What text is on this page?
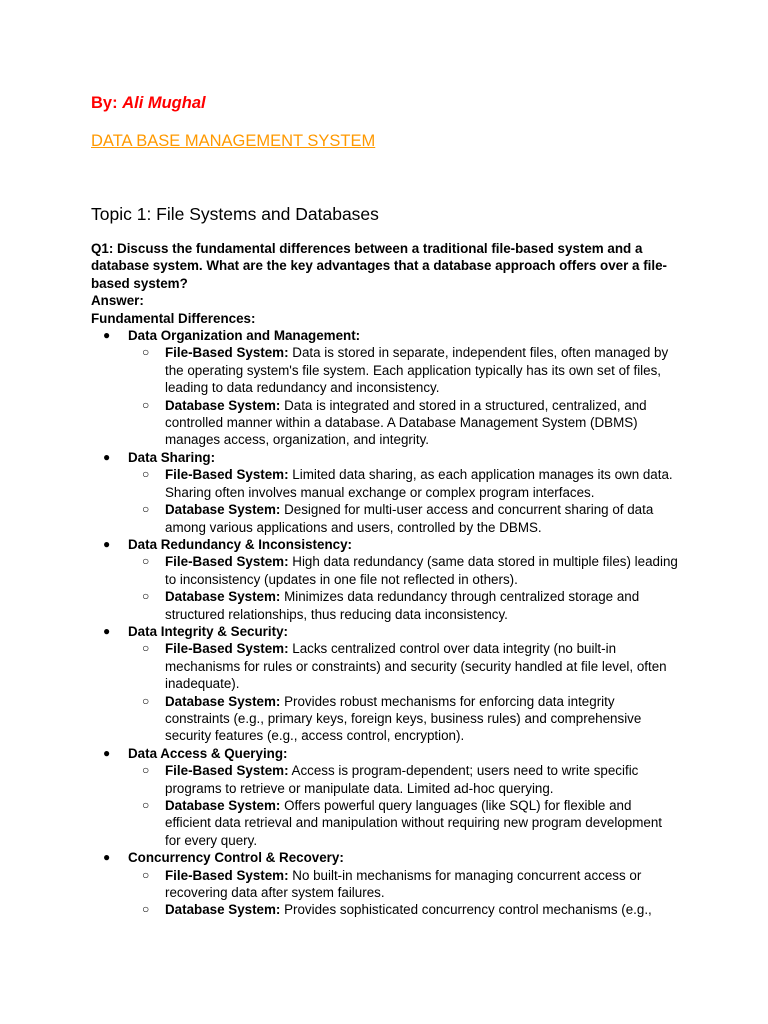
By: Ali Mughal

DATA BASE MANAGEMENT SYSTEM

Topic 1: File Systems and Databases

Q1: Discuss the fundamental differences between a traditional file-based system and a database system. What are the key advantages that a database approach offers over a file-based system?

Answer:

Fundamental Differences:

● Data Organization and Management:
○ File-Based System: Data is stored in separate, independent files, often managed by the operating system's file system. Each application typically has its own set of files, leading to data redundancy and inconsistency.
○ Database System: Data is integrated and stored in a structured, centralized, and controlled manner within a database. A Database Management System (DBMS) manages access, organization, and integrity.
● Data Sharing:
○ File-Based System: Limited data sharing, as each application manages its own data. Sharing often involves manual exchange or complex program interfaces.
○ Database System: Designed for multi-user access and concurrent sharing of data among various applications and users, controlled by the DBMS.
● Data Redundancy & Inconsistency:
○ File-Based System: High data redundancy (same data stored in multiple files) leading to inconsistency (updates in one file not reflected in others).
○ Database System: Minimizes data redundancy through centralized storage and structured relationships, thus reducing data inconsistency.
● Data Integrity & Security:
○ File-Based System: Lacks centralized control over data integrity (no built-in mechanisms for rules or constraints) and security (security handled at file level, often inadequate).
○ Database System: Provides robust mechanisms for enforcing data integrity constraints (e.g., primary keys, foreign keys, business rules) and comprehensive security features (e.g., access control, encryption).
● Data Access & Querying:
○ File-Based System: Access is program-dependent; users need to write specific programs to retrieve or manipulate data. Limited ad-hoc querying.
○ Database System: Offers powerful query languages (like SQL) for flexible and efficient data retrieval and manipulation without requiring new program development for every query.
● Concurrency Control & Recovery:
○ File-Based System: No built-in mechanisms for managing concurrent access or recovering data after system failures.
○ Database System: Provides sophisticated concurrency control mechanisms (e.g.,
